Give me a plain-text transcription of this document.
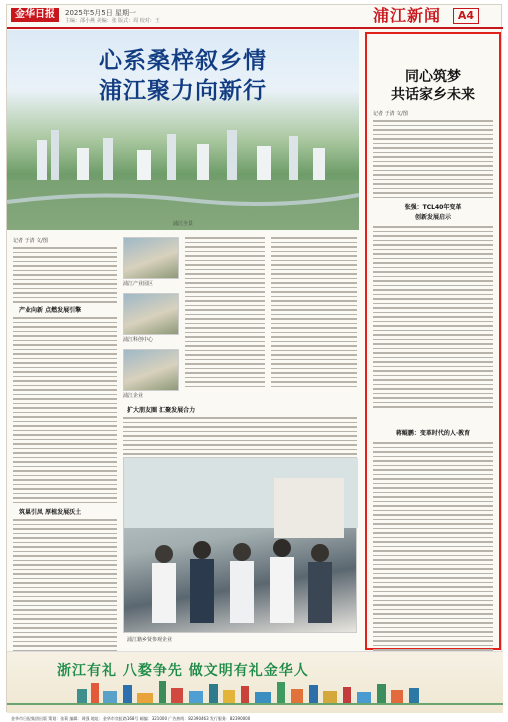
金华日报	2025年5月5日 星期一
主编：邵小燕 美编：张 版式：周 校对：王	浦江新闻	A4
心系桑梓叙乡情
浦江聚力向新行
浦江全景
记者 于清 文/图
产业向新 点燃发展引擎
筑巢引凤 厚植发展沃土
浦江产业园区
浦江科创中心
浦江企业
扩大朋友圈 汇聚发展合力
浦江籍乡贤参观企业
同心筑梦
共话家乡未来
记者 于清 文/图
张强：TCL40年变革
创新发展启示
蒋鲲鹏：变革时代的人·教育
浙江有礼 八婺争先 做文明有礼金华人
金华市日报集团出版 策划：张莉 编辑：周强 地址：金华市宾虹路168号 邮编：321000 广告热线：82390463 发行服务：82390000
